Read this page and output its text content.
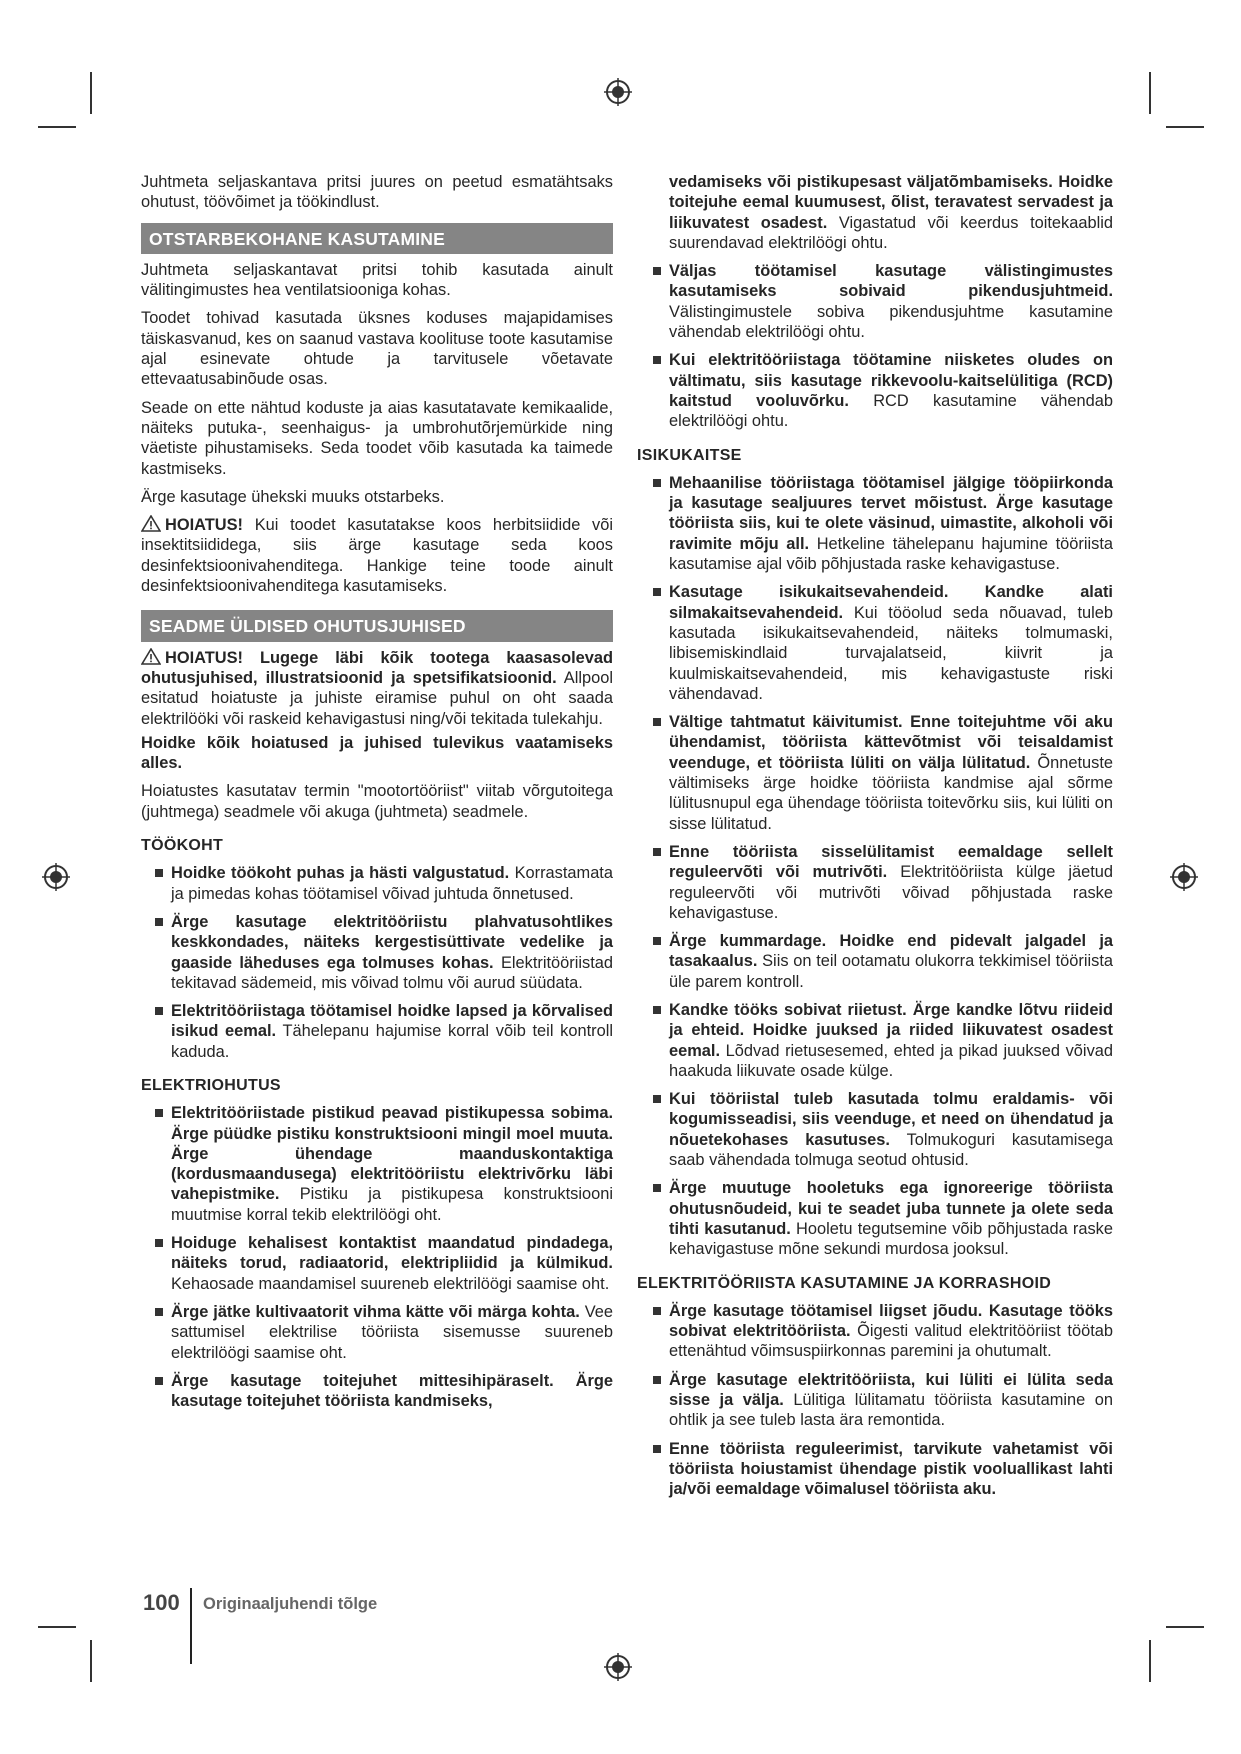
Juhtmeta seljaskantava pritsi juures on peetud esmatähtsaks ohutust, töövõimet ja töökindlust.

OTSTARBEKOHANE KASUTAMINE

Juhtmeta seljaskantavat pritsi tohib kasutada ainult välitingimustes hea ventilatsiooniga kohas.

Toodet tohivad kasutada üksnes koduses majapidamises täiskasvanud, kes on saanud vastava koolituse toote kasutamise ajal esinevate ohtude ja tarvitusele võetavate ettevaatusabinõude osas.

Seade on ette nähtud koduste ja aias kasutatavate kemikaalide, näiteks putuka-, seenhaigus- ja umbrohutõrjemürkide ning väetiste pihustamiseks. Seda toodet võib kasutada ka taimede kastmiseks.

Ärge kasutage ühekski muuks otstarbeks.

HOIATUS! Kui toodet kasutatakse koos herbitsiidide või insektitsiididega, siis ärge kasutage seda koos desinfektsioonivahenditega. Hankige teine toode ainult desinfektsioonivahenditega kasutamiseks.

SEADME ÜLDISED OHUTUSJUHISED

HOIATUS! Lugege läbi kõik tootega kaasasolevad ohutusjuhised, illustratsioonid ja spetsifikatsioonid. Allpool esitatud hoiatuste ja juhiste eiramise puhul on oht saada elektrilööki või raskeid kehavigastusi ning/või tekitada tulekahju.

Hoidke kõik hoiatused ja juhised tulevikus vaatamiseks alles.

Hoiatustes kasutatav termin "mootortööriist" viitab võrgutoitega (juhtmega) seadmele või akuga (juhtmeta) seadmele.

TÖÖKOHT

Hoidke töökoht puhas ja hästi valgustatud. Korrastamata ja pimedas kohas töötamisel võivad juhtuda õnnetused.

Ärge kasutage elektritööriistu plahvatusohtlikes keskkondades, näiteks kergestisüttivate vedelike ja gaaside läheduses ega tolmuses kohas. Elektritööriistad tekitavad sädemeid, mis võivad tolmu või aurud süüdata.

Elektritööriistaga töötamisel hoidke lapsed ja kõrvalised isikud eemal. Tähelepanu hajumise korral võib teil kontroll kaduda.

ELEKTRIOHUTUS

Elektritööriistade pistikud peavad pistikupessa sobima. Ärge püüdke pistiku konstruktsiooni mingil moel muuta. Ärge ühendage maanduskontaktiga (kordusmaandusega) elektritööriistu elektrivõrku läbi vahepistmike. Pistiku ja pistikupesa konstruktsiooni muutmise korral tekib elektrilöögi oht.

Hoiduge kehalisest kontaktist maandatud pindadega, näiteks torud, radiaatorid, elektripliidid ja külmikud. Kehaosade maandamisel suureneb elektrilöögi saamise oht.

Ärge jätke kultivaatorit vihma kätte või märga kohta. Vee sattumisel elektrilise tööriista sisemusse suureneb elektrilöögi saamise oht.

Ärge kasutage toitejuhet mittesihipäraselt. Ärge kasutage toitejuhet tööriista kandmiseks,

vedamiseks või pistikupesast väljatõmbamiseks. Hoidke toitejuhe eemal kuumusest, õlist, teravatest servadest ja liikuvatest osadest. Vigastatud või keerdus toitekaablid suurendavad elektrilöögi ohtu.

Väljas töötamisel kasutage välistingimustes kasutamiseks sobivaid pikendusjuhtmeid. Välistingimustele sobiva pikendusjuhtme kasutamine vähendab elektrilöögi ohtu.

Kui elektritööriistaga töötamine niisketes oludes on vältimatu, siis kasutage rikkevoolu-kaitselülitiga (RCD) kaitstud vooluvõrku. RCD kasutamine vähendab elektrilöögi ohtu.

ISIKUKAITSE

Mehaanilise tööriistaga töötamisel jälgige tööpiirkonda ja kasutage sealjuures tervet mõistust. Ärge kasutage tööriista siis, kui te olete väsinud, uimastite, alkoholi või ravimite mõju all. Hetkeline tähelepanu hajumine tööriista kasutamise ajal võib põhjustada raske kehavigastuse.

Kasutage isikukaitsevahendeid. Kandke alati silmakaitsevahendeid. Kui tööolud seda nõuavad, tuleb kasutada isikukaitsevahendeid, näiteks tolmumaski, libisemiskindlaid turvajalatseid, kiivrit ja kuulmiskaitsevahendeid, mis kehavigastuste riski vähendavad.

Vältige tahtmatut käivitumist. Enne toitejuhtme või aku ühendamist, tööriista kättevõtmist või teisaldamist veenduge, et tööriista lüliti on välja lülitatud. Õnnetuste vältimiseks ärge hoidke tööriista kandmise ajal sõrme lülitusnupul ega ühendage tööriista toitevõrku siis, kui lüliti on sisse lülitatud.

Enne tööriista sisselülitamist eemaldage sellelt reguleervõti või mutrivõti. Elektritööriista külge jäetud reguleervõti või mutrivõti võivad põhjustada raske kehavigastuse.

Ärge kummardage. Hoidke end pidevalt jalgadel ja tasakaalus. Siis on teil ootamatu olukorra tekkimisel tööriista üle parem kontroll.

Kandke tööks sobivat riietust. Ärge kandke lõtvu riideid ja ehteid. Hoidke juuksed ja riided liikuvatest osadest eemal. Lõdvad rietusesemed, ehted ja pikad juuksed võivad haakuda liikuvate osade külge.

Kui tööriistal tuleb kasutada tolmu eraldamis- või kogumisseadisi, siis veenduge, et need on ühendatud ja nõuetekohases kasutuses. Tolmukoguri kasutamisega saab vähendada tolmuga seotud ohtusid.

Ärge muutuge hooletuks ega ignoreerige tööriista ohutusnõudeid, kui te seadet juba tunnete ja olete seda tihti kasutanud. Hooletu tegutsemine võib põhjustada raske kehavigastuse mõne sekundi murdosa jooksul.

ELEKTRITÖÖRIISTA KASUTAMINE JA KORRASHOID

Ärge kasutage töötamisel liigset jõudu. Kasutage tööks sobivat elektritööriista. Õigesti valitud elektritööriist töötab ettenähtud võimsuspiirkonnas paremini ja ohutumalt.

Ärge kasutage elektritööriista, kui lüliti ei lülita seda sisse ja välja. Lülitiga lülitamatu tööriista kasutamine on ohtlik ja see tuleb lasta ära remontida.

Enne tööriista reguleerimist, tarvikute vahetamist või tööriista hoiustamist ühendage pistik vooluallikast lahti ja/või eemaldage võimalusel tööriista aku.

100 Originaaljuhendi tõlge
